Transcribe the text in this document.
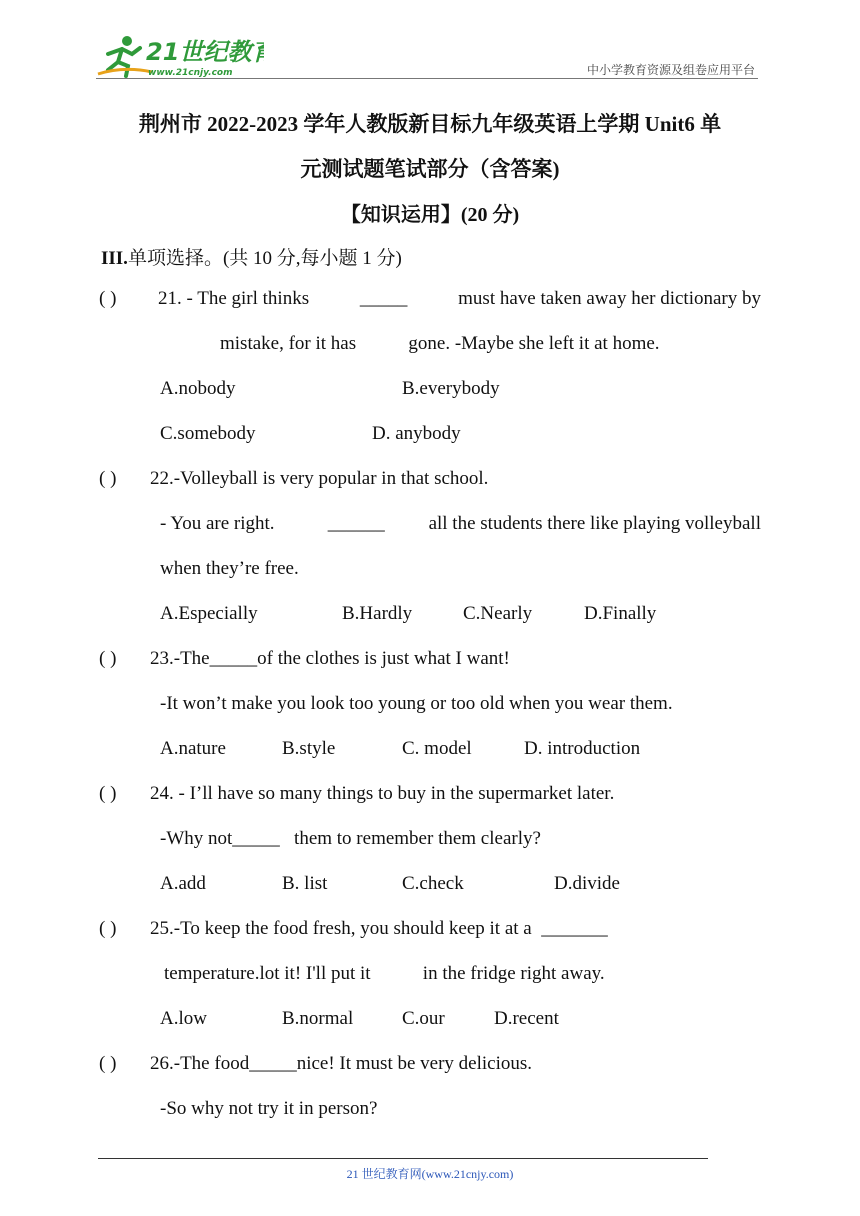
21世纪教育
www.21cnjy.com	中小学教育资源及组卷应用平台
荆州市 2022-2023 学年人教版新目标九年级英语上学期 Unit6 单
元测试题笔试部分（含答案)
【知识运用】(20 分)
III.单项选择。(共 10 分,每小题 1 分)
( ) 21. - The girl thinks	_____	must have taken away her dictionary by
mistake, for it has           gone. -Maybe she left it at home.
A.nobody	B.everybody
C.somebody	D. anybody
( ) 22.-Volleyball is very popular in that school.
- You are right. ______ all the students there like playing volleyball
when they’re free.
A.Especially	B.Hardly	C.Nearly	D.Finally
( ) 23.-The_____of the clothes is just what I want!
-It won’t make you look too young or too old when you wear them.
A.nature	B.style	C. model	D. introduction
( ) 24. - I’ll have so many things to buy in the supermarket later.
-Why not_____   them to remember them clearly?
A.add	B. list	C.check	D.divide
( ) 25.-To keep the food fresh, you should keep it at a  _______
temperature.lot it! I'll put it           in the fridge right away.
A.low	B.normal	C.our	D.recent
( ) 26.-The food_____nice! It must be very delicious.
-So why not try it in person?
21 世纪教育网(www.21cnjy.com)
